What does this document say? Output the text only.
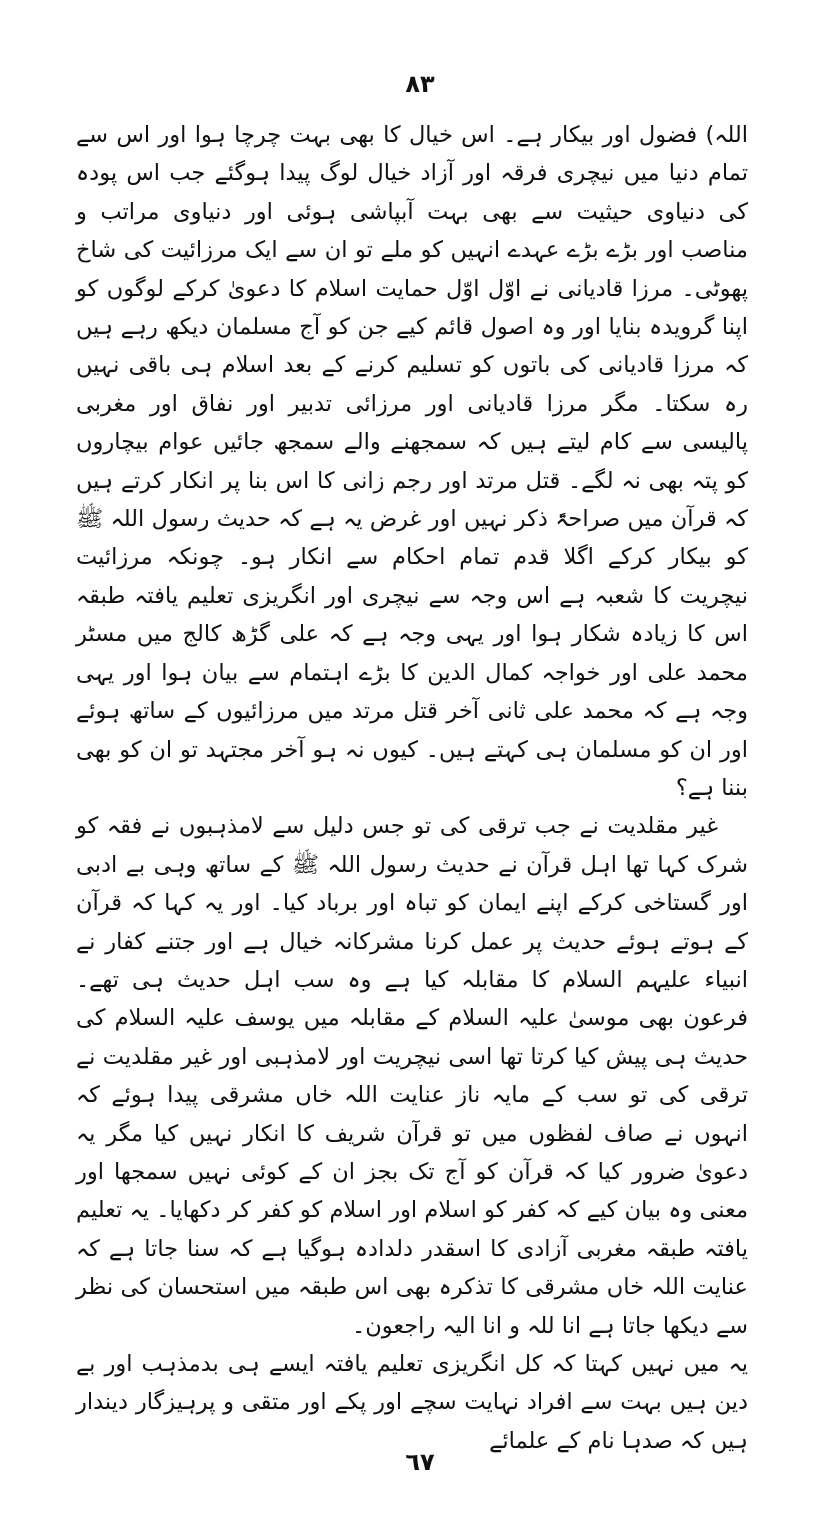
۸۳

اللہ) فضول اور بیکار ہے۔ اس خیال کا بھی بہت چرچا ہوا اور اس سے تمام دنیا میں نیچری فرقہ اور آزاد خیال لوگ پیدا ہوگئے جب اس پودہ کی دنیاوی حیثیت سے بھی بہت آبپاشی ہوئی اور دنیاوی مراتب و مناصب اور بڑے بڑے عہدے انہیں کو ملے تو ان سے ایک مرزائیت کی شاخ پھوٹی۔ مرزا قادیانی نے اوّل اوّل حمایت اسلام کا دعویٰ کرکے لوگوں کو اپنا گرویدہ بنایا اور وہ اصول قائم کیے جن کو آج مسلمان دیکھ رہے ہیں کہ مرزا قادیانی کی باتوں کو تسلیم کرنے کے بعد اسلام ہی باقی نہیں رہ سکتا۔ مگر مرزا قادیانی اور مرزائی تدبیر اور نفاق اور مغربی پالیسی سے کام لیتے ہیں کہ سمجھنے والے سمجھ جائیں عوام بیچاروں کو پتہ بھی نہ لگے۔ قتل مرتد اور رجم زانی کا اس بنا پر انکار کرتے ہیں کہ قرآن میں صراحۃً ذکر نہیں اور غرض یہ ہے کہ حدیث رسول اللہ ﷺ کو بیکار کرکے اگلا قدم تمام احکام سے انکار ہو۔ چونکہ مرزائیت نیچریت کا شعبہ ہے اس وجہ سے نیچری اور انگریزی تعلیم یافتہ طبقہ اس کا زیادہ شکار ہوا اور یہی وجہ ہے کہ علی گڑھ کالج میں مسٹر محمد علی اور خواجہ کمال الدین کا بڑے اہتمام سے بیان ہوا اور یہی وجہ ہے کہ محمد علی ثانی آخر قتل مرتد میں مرزائیوں کے ساتھ ہوئے اور ان کو مسلمان ہی کہتے ہیں۔ کیوں نہ ہو آخر مجتہد تو ان کو بھی بننا ہے؟

غیر مقلدیت نے جب ترقی کی تو جس دلیل سے لامذہبوں نے فقہ کو شرک کہا تھا اہل قرآن نے حدیث رسول اللہ ﷺ کے ساتھ وہی بے ادبی اور گستاخی کرکے اپنے ایمان کو تباہ اور برباد کیا۔ اور یہ کہا کہ قرآن کے ہوتے ہوئے حدیث پر عمل کرنا مشرکانہ خیال ہے اور جتنے کفار نے انبیاء علیہم السلام کا مقابلہ کیا ہے وہ سب اہل حدیث ہی تھے۔ فرعون بھی موسیٰ علیہ السلام کے مقابلہ میں یوسف علیہ السلام کی حدیث ہی پیش کیا کرتا تھا اسی نیچریت اور لامذہبی اور غیر مقلدیت نے ترقی کی تو سب کے مایہ ناز عنایت اللہ خاں مشرقی پیدا ہوئے کہ انہوں نے صاف لفظوں میں تو قرآن شریف کا انکار نہیں کیا مگر یہ دعویٰ ضرور کیا کہ قرآن کو آج تک بجز ان کے کوئی نہیں سمجھا اور معنی وہ بیان کیے کہ کفر کو اسلام اور اسلام کو کفر کر دکھایا۔ یہ تعلیم یافتہ طبقہ مغربی آزادی کا اسقدر دلدادہ ہوگیا ہے کہ سنا جاتا ہے کہ عنایت اللہ خاں مشرقی کا تذکرہ بھی اس طبقہ میں استحسان کی نظر سے دیکھا جاتا ہے انا للہ و انا الیہ راجعون۔

یہ میں نہیں کہتا کہ کل انگریزی تعلیم یافتہ ایسے ہی بدمذہب اور بے دین ہیں بہت سے افراد نہایت سچے اور پکے اور متقی و پرہیزگار دیندار ہیں کہ صدہا نام کے علمائے

٦٧
